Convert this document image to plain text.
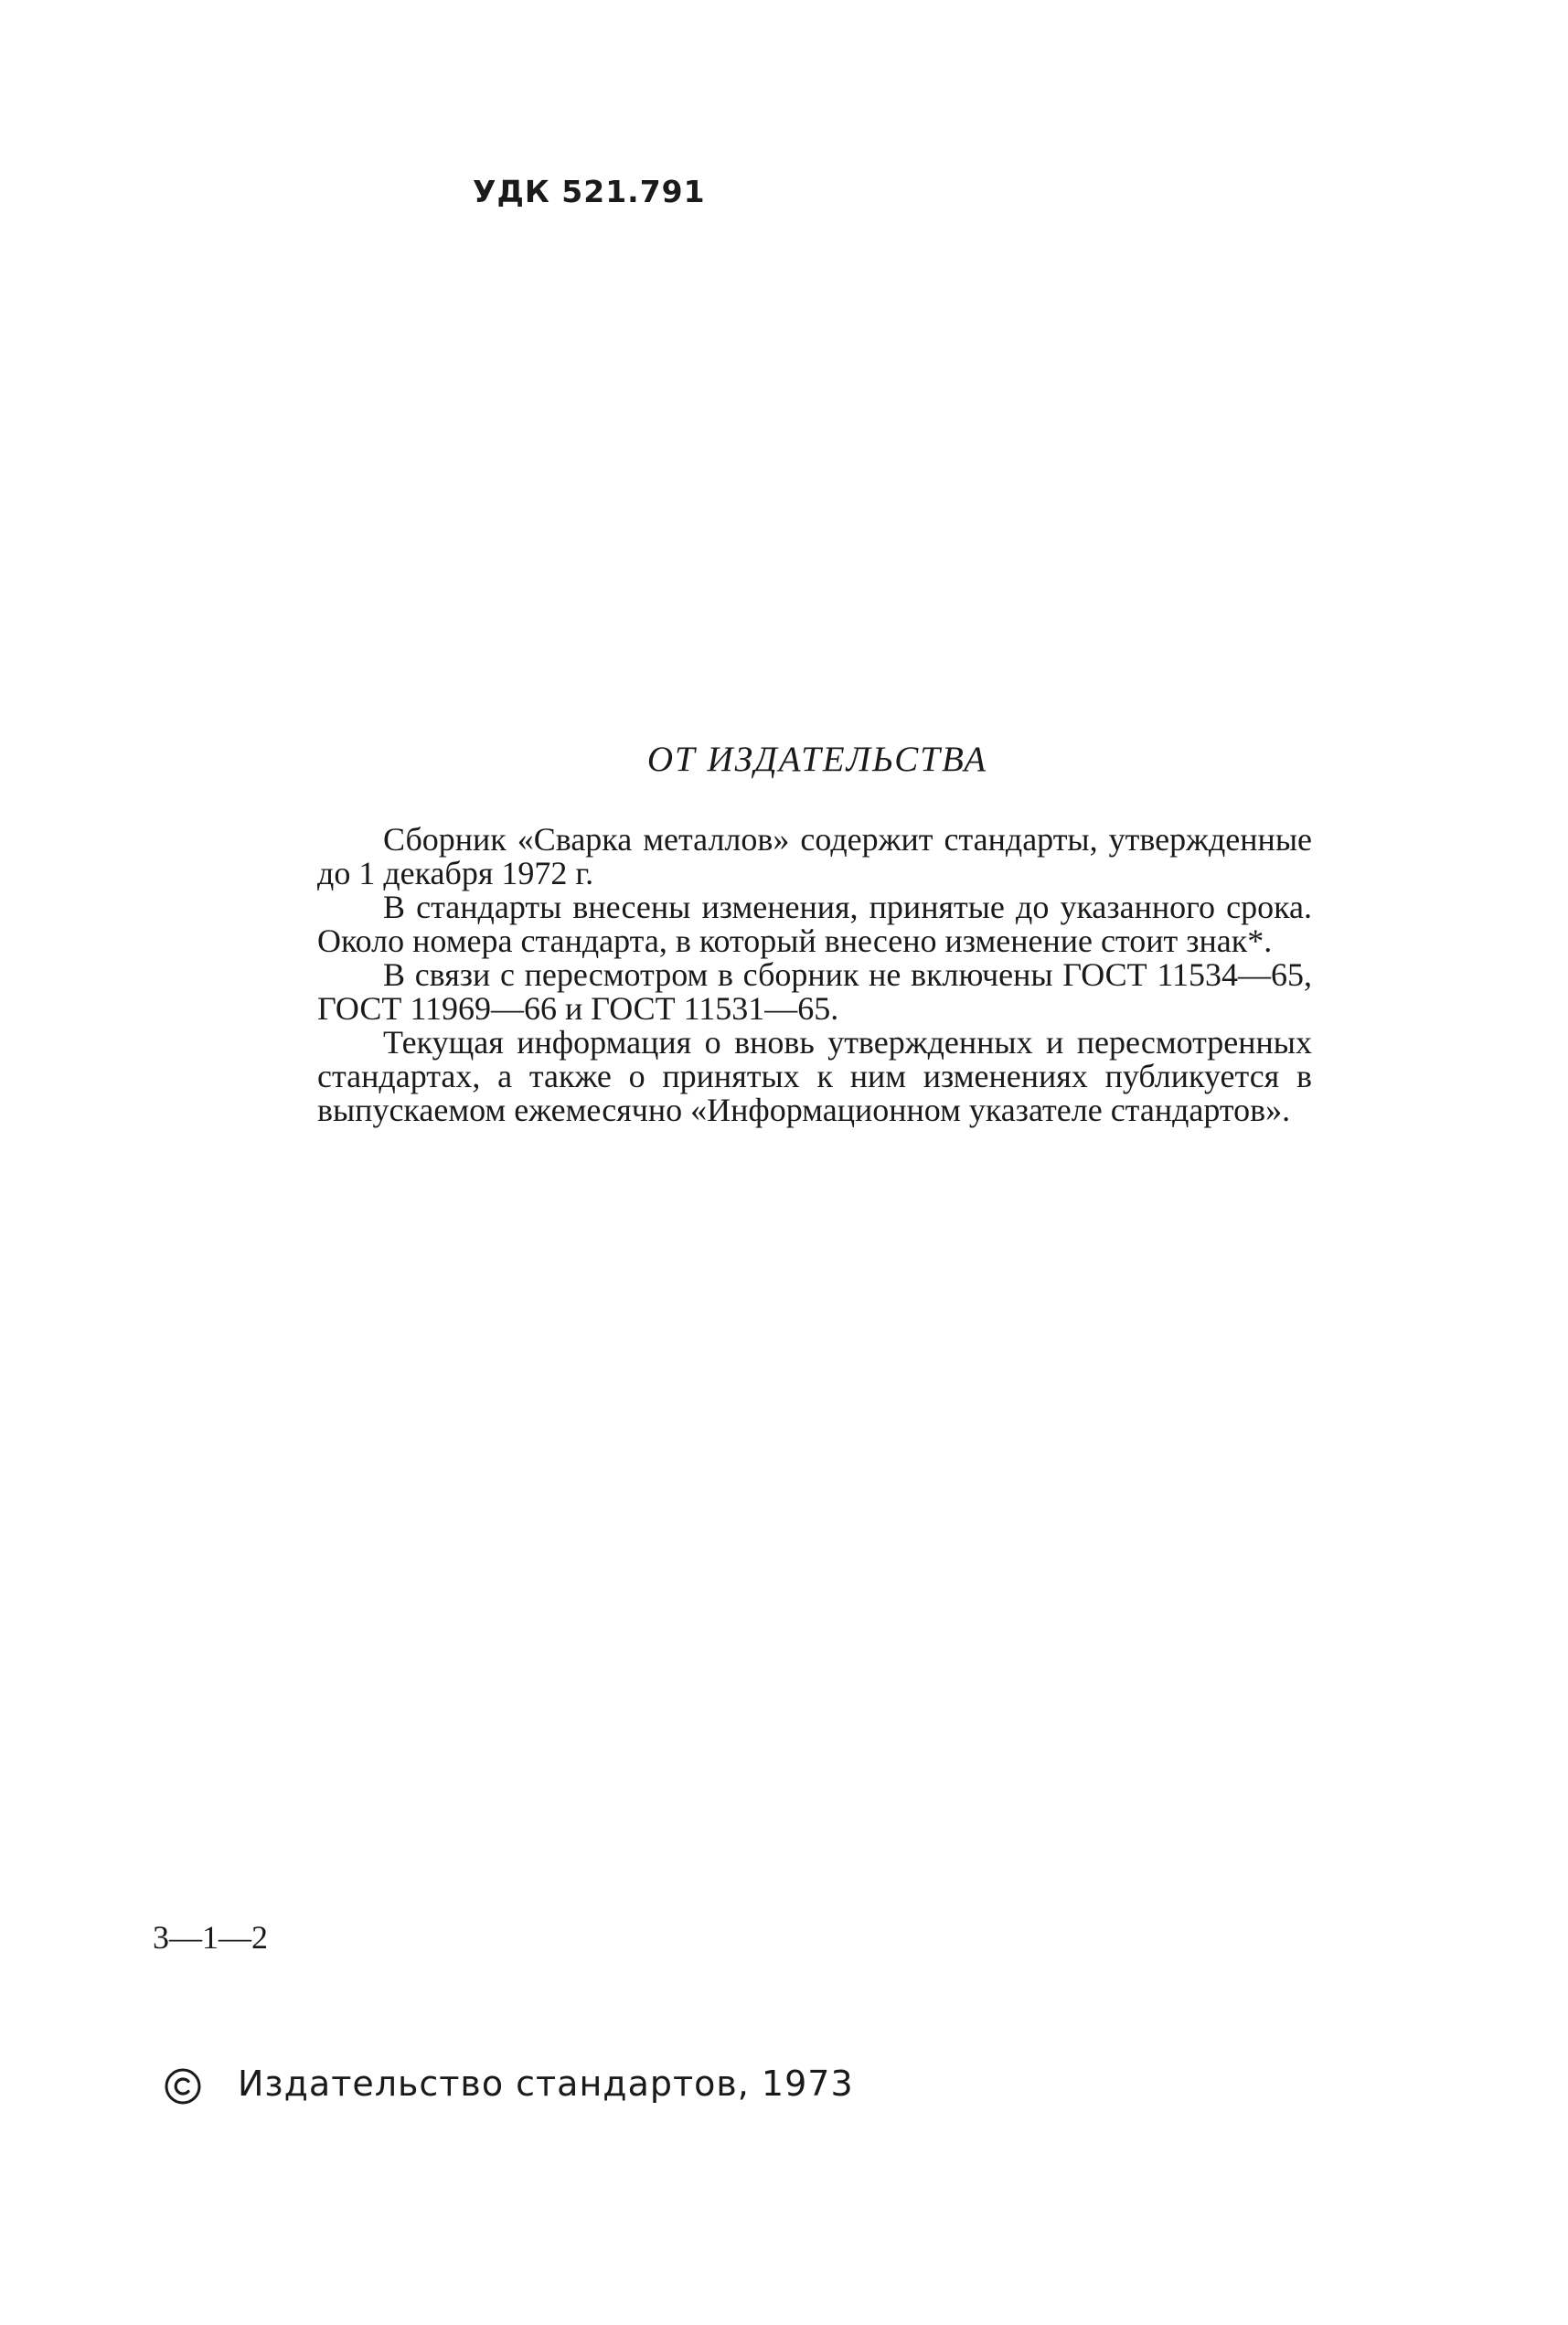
УДК 521.791
ОТ ИЗДАТЕЛЬСТВА

Сборник «Сварка металлов» содержит стандарты, утвержденные до 1 декабря 1972 г.

В стандарты внесены изменения, принятые до указанного срока. Около номера стандарта, в который внесено изменение стоит знак*.

В связи с пересмотром в сборник не включены ГОСТ 11534—65, ГОСТ 11969—66 и ГОСТ 11531—65.

Текущая информация о вновь утвержденных и пересмотренных стандартах, а также о принятых к ним изменениях публикуется в выпускаемом ежемесячно «Информационном указателе стандартов».

3—1—2
Издательство стандартов, 1973
